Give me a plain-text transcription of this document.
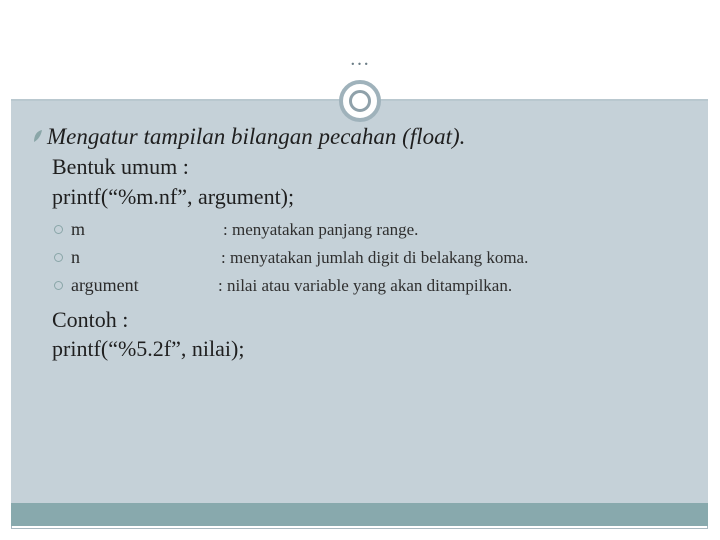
…
Mengatur tampilan bilangan pecahan (float).
Bentuk umum :
printf(“%m.nf”, argument);
m	: menyatakan panjang range.
n	: menyatakan jumlah digit di belakang koma.
argument	: nilai atau variable yang akan ditampilkan.
Contoh :
printf(“%5.2f”, nilai);
